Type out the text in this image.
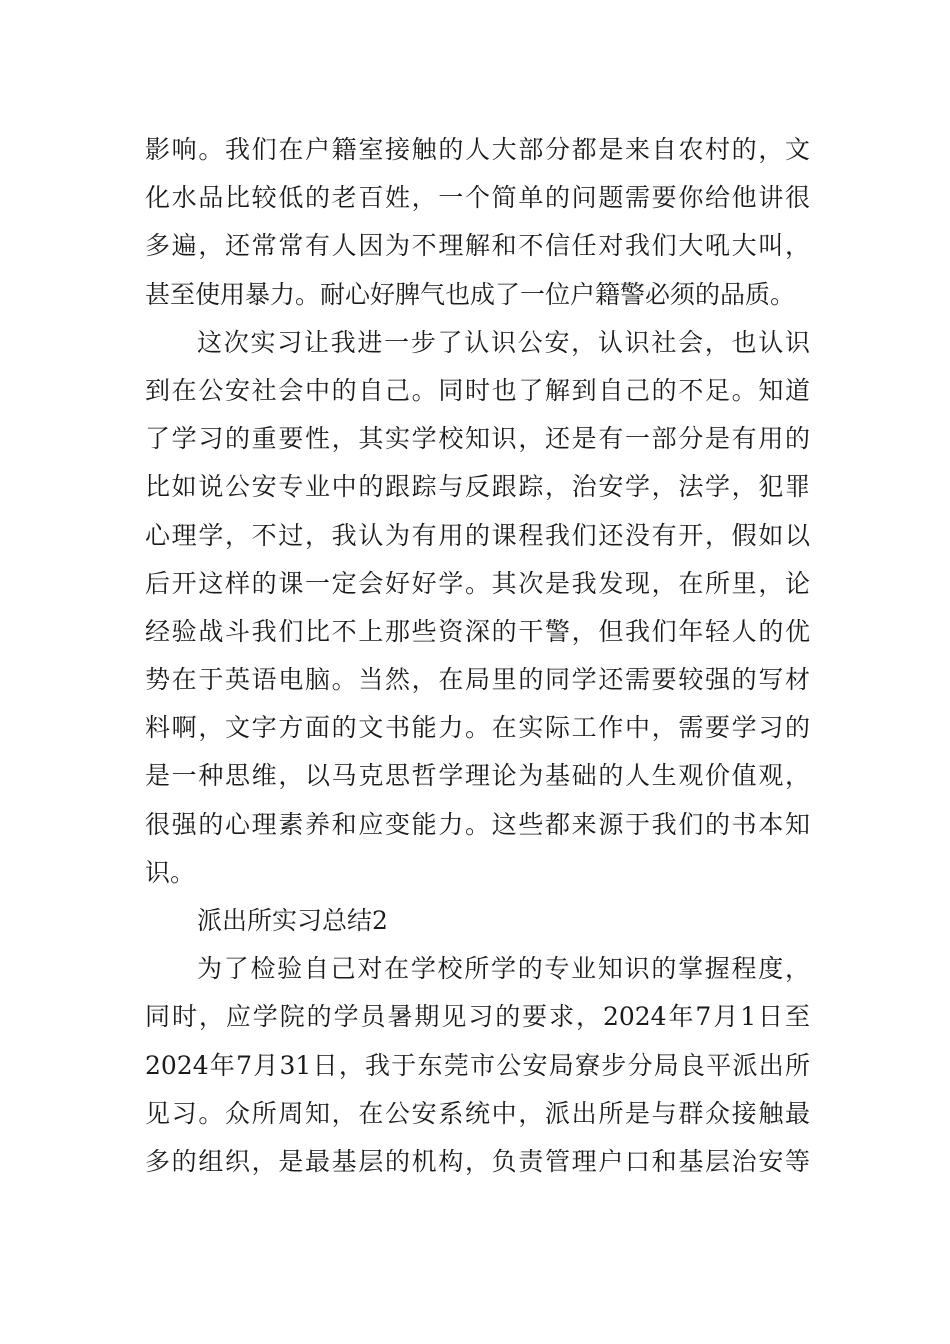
影响。我们在户籍室接触的人大部分都是来自农村的，文
化水品比较低的老百姓，一个简单的问题需要你给他讲很
多遍，还常常有人因为不理解和不信任对我们大吼大叫，
甚至使用暴力。耐心好脾气也成了一位户籍警必须的品质。
这次实习让我进一步了认识公安，认识社会，也认识
到在公安社会中的自己。同时也了解到自己的不足。知道
了学习的重要性，其实学校知识，还是有一部分是有用的
比如说公安专业中的跟踪与反跟踪，治安学，法学，犯罪
心理学，不过，我认为有用的课程我们还没有开，假如以
后开这样的课一定会好好学。其次是我发现，在所里，论
经验战斗我们比不上那些资深的干警，但我们年轻人的优
势在于英语电脑。当然，在局里的同学还需要较强的写材
料啊，文字方面的文书能力。在实际工作中，需要学习的
是一种思维，以马克思哲学理论为基础的人生观价值观，
很强的心理素养和应变能力。这些都来源于我们的书本知
识。
派出所实习总结2
为了检验自己对在学校所学的专业知识的掌握程度，
同时，应学院的学员暑期见习的要求，2024年7月1日至
2024年7月31日，我于东莞市公安局寮步分局良平派出所
见习。众所周知，在公安系统中，派出所是与群众接触最
多的组织，是最基层的机构，负责管理户口和基层治安等
